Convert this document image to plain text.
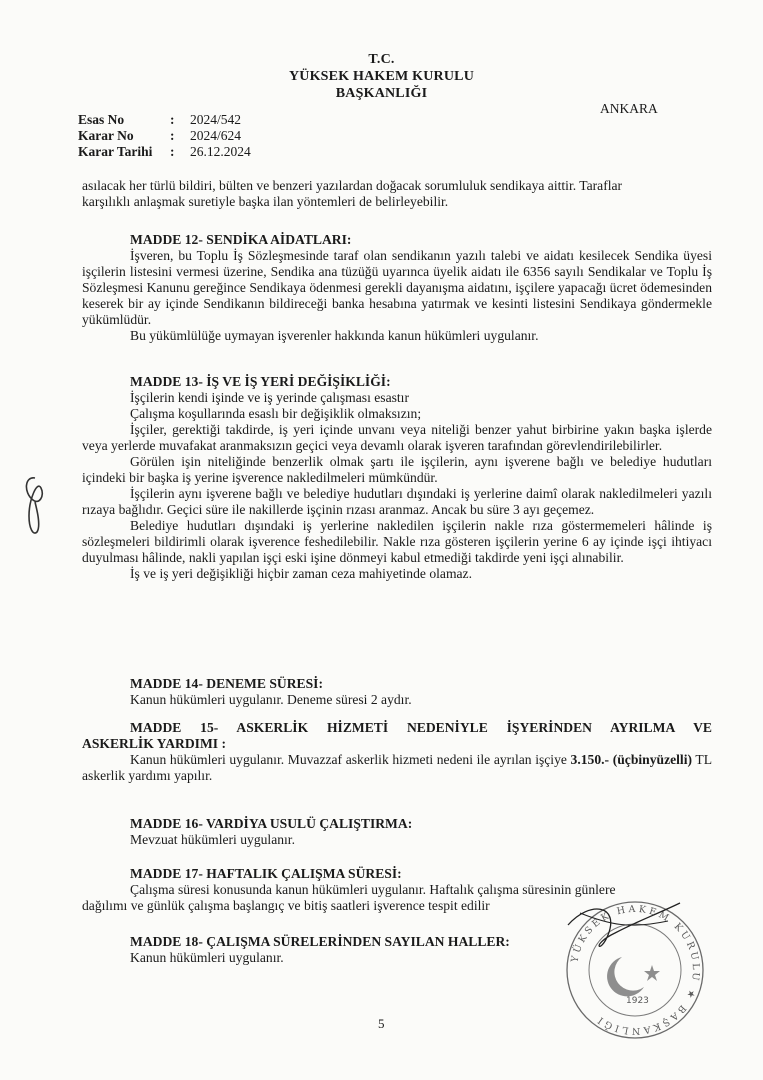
T.C.
YÜKSEK HAKEM KURULU
BAŞKANLIĞI
ANKARA
Esas No	: 2024/542
Karar No	: 2024/624
Karar Tarihi : 26.12.2024

asılacak her türlü bildiri, bülten ve benzeri yazılardan doğacak sorumluluk sendikaya aittir. Taraflar

karşılıklı anlaşmak suretiyle başka ilan yöntemleri de belirleyebilir.

MADDE 12- SENDİKA AİDATLARI:

İşveren, bu Toplu İş Sözleşmesinde taraf olan sendikanın yazılı talebi ve aidatı kesilecek Sendika üyesi işçilerin listesini vermesi üzerine, Sendika ana tüzüğü uyarınca üyelik aidatı ile 6356 sayılı Sendikalar ve Toplu İş Sözleşmesi Kanunu gereğince Sendikaya ödenmesi gerekli dayanışma aidatını, işçilere yapacağı ücret ödemesinden keserek bir ay içinde Sendikanın bildireceği banka hesabına yatırmak ve kesinti listesini Sendikaya göndermekle yükümlüdür.

Bu yükümlülüğe uymayan işverenler hakkında kanun hükümleri uygulanır.

MADDE 13- İŞ VE İŞ YERİ DEĞİŞİKLİĞİ:

İşçilerin kendi işinde ve iş yerinde çalışması esastır

Çalışma koşullarında esaslı bir değişiklik olmaksızın;

İşçiler, gerektiği takdirde, iş yeri içinde unvanı veya niteliği benzer yahut birbirine yakın başka işlerde veya yerlerde muvafakat aranmaksızın geçici veya devamlı olarak işveren tarafından görevlendirilebilirler.

Görülen işin niteliğinde benzerlik olmak şartı ile işçilerin, aynı işverene bağlı ve belediye hudutları içindeki bir başka iş yerine işverence nakledilmeleri mümkündür.

İşçilerin aynı işverene bağlı ve belediye hudutları dışındaki iş yerlerine daimî olarak nakledilmeleri yazılı rızaya bağlıdır. Geçici süre ile nakillerde işçinin rızası aranmaz. Ancak bu süre 3 ayı geçemez.

Belediye hudutları dışındaki iş yerlerine nakledilen işçilerin nakle rıza göstermemeleri hâlinde iş sözleşmeleri bildirimli olarak işverence feshedilebilir. Nakle rıza gösteren işçilerin yerine 6 ay içinde işçi ihtiyacı duyulması hâlinde, nakli yapılan işçi eski işine dönmeyi kabul etmediği takdirde yeni işçi alınabilir.

İş ve iş yeri değişikliği hiçbir zaman ceza mahiyetinde olamaz.

MADDE 14- DENEME SÜRESİ:

Kanun hükümleri uygulanır. Deneme süresi 2 aydır.

MADDE 15- ASKERLİK HİZMETİ NEDENİYLE İŞYERİNDEN AYRILMA VE

ASKERLİK YARDIMI :

Kanun hükümleri uygulanır. Muvazzaf askerlik hizmeti nedeni ile ayrılan işçiye 3.150.- (üçbinyüzelli) TL askerlik yardımı yapılır.

MADDE 16- VARDİYA USULÜ ÇALIŞTIRMA:

Mevzuat hükümleri uygulanır.

MADDE 17- HAFTALIK ÇALIŞMA SÜRESİ:

Çalışma süresi konusunda kanun hükümleri uygulanır. Haftalık çalışma süresinin günlere

dağılımı ve günlük çalışma başlangıç ve bitiş saatleri işverence tespit edilir

MADDE 18- ÇALIŞMA SÜRELERİNDEN SAYILAN HALLER:

Kanun hükümleri uygulanır.

5
YÜKSEK HAKEM KURULU ★ BAŞKANLIĞI
1923
